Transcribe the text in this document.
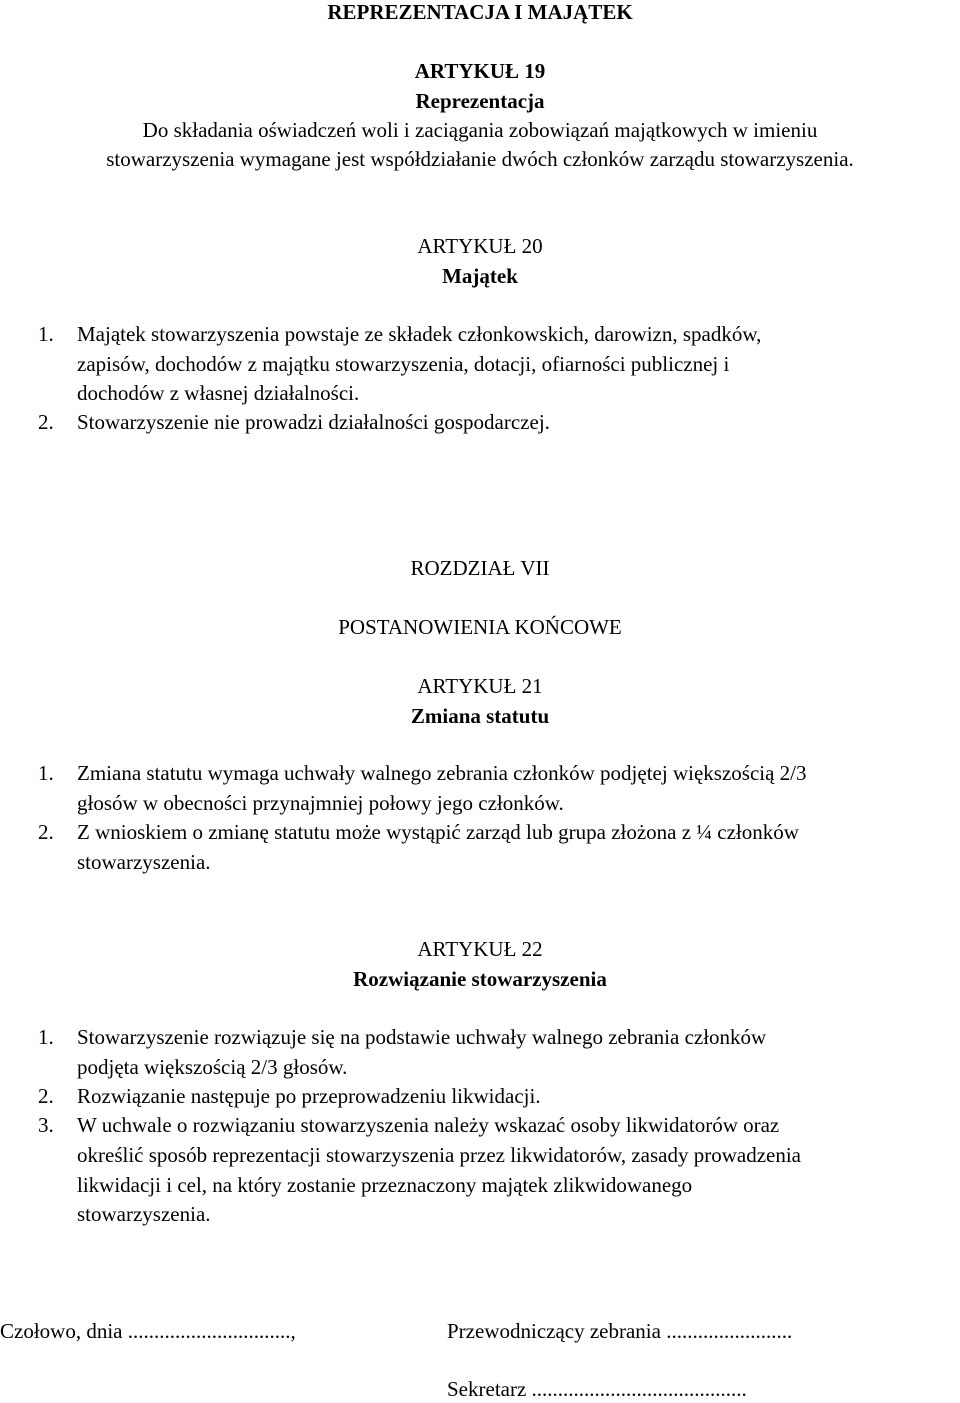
REPREZENTACJA I MAJĄTEK
ARTYKUŁ 19
Reprezentacja
Do składania oświadczeń woli i zaciągania zobowiązań majątkowych w imieniu
stowarzyszenia wymagane jest współdziałanie dwóch członków zarządu stowarzyszenia.
ARTYKUŁ 20
Majątek
1. Majątek stowarzyszenia powstaje ze składek członkowskich, darowizn, spadków,
zapisów, dochodów z majątku stowarzyszenia, dotacji, ofiarności publicznej i
dochodów z własnej działalności.
2. Stowarzyszenie nie prowadzi działalności gospodarczej.
ROZDZIAŁ VII
POSTANOWIENIA KOŃCOWE
ARTYKUŁ 21
Zmiana statutu
1. Zmiana statutu wymaga uchwały walnego zebrania członków podjętej większością 2/3
głosów w obecności przynajmniej połowy jego członków.
2. Z wnioskiem o zmianę statutu może wystąpić zarząd lub grupa złożona z ¼ członków
stowarzyszenia.
ARTYKUŁ 22
Rozwiązanie stowarzyszenia
1. Stowarzyszenie rozwiązuje się na podstawie uchwały walnego zebrania członków
podjęta większością 2/3 głosów.
2. Rozwiązanie następuje po przeprowadzeniu likwidacji.
3. W uchwale o rozwiązaniu stowarzyszenia należy wskazać osoby likwidatorów oraz
określić sposób reprezentacji stowarzyszenia przez likwidatorów, zasady prowadzenia
likwidacji i cel, na który zostanie przeznaczony majątek zlikwidowanego
stowarzyszenia.
Czołowo, dnia ...............................,	Przewodniczący zebrania ........................
Sekretarz .........................................
